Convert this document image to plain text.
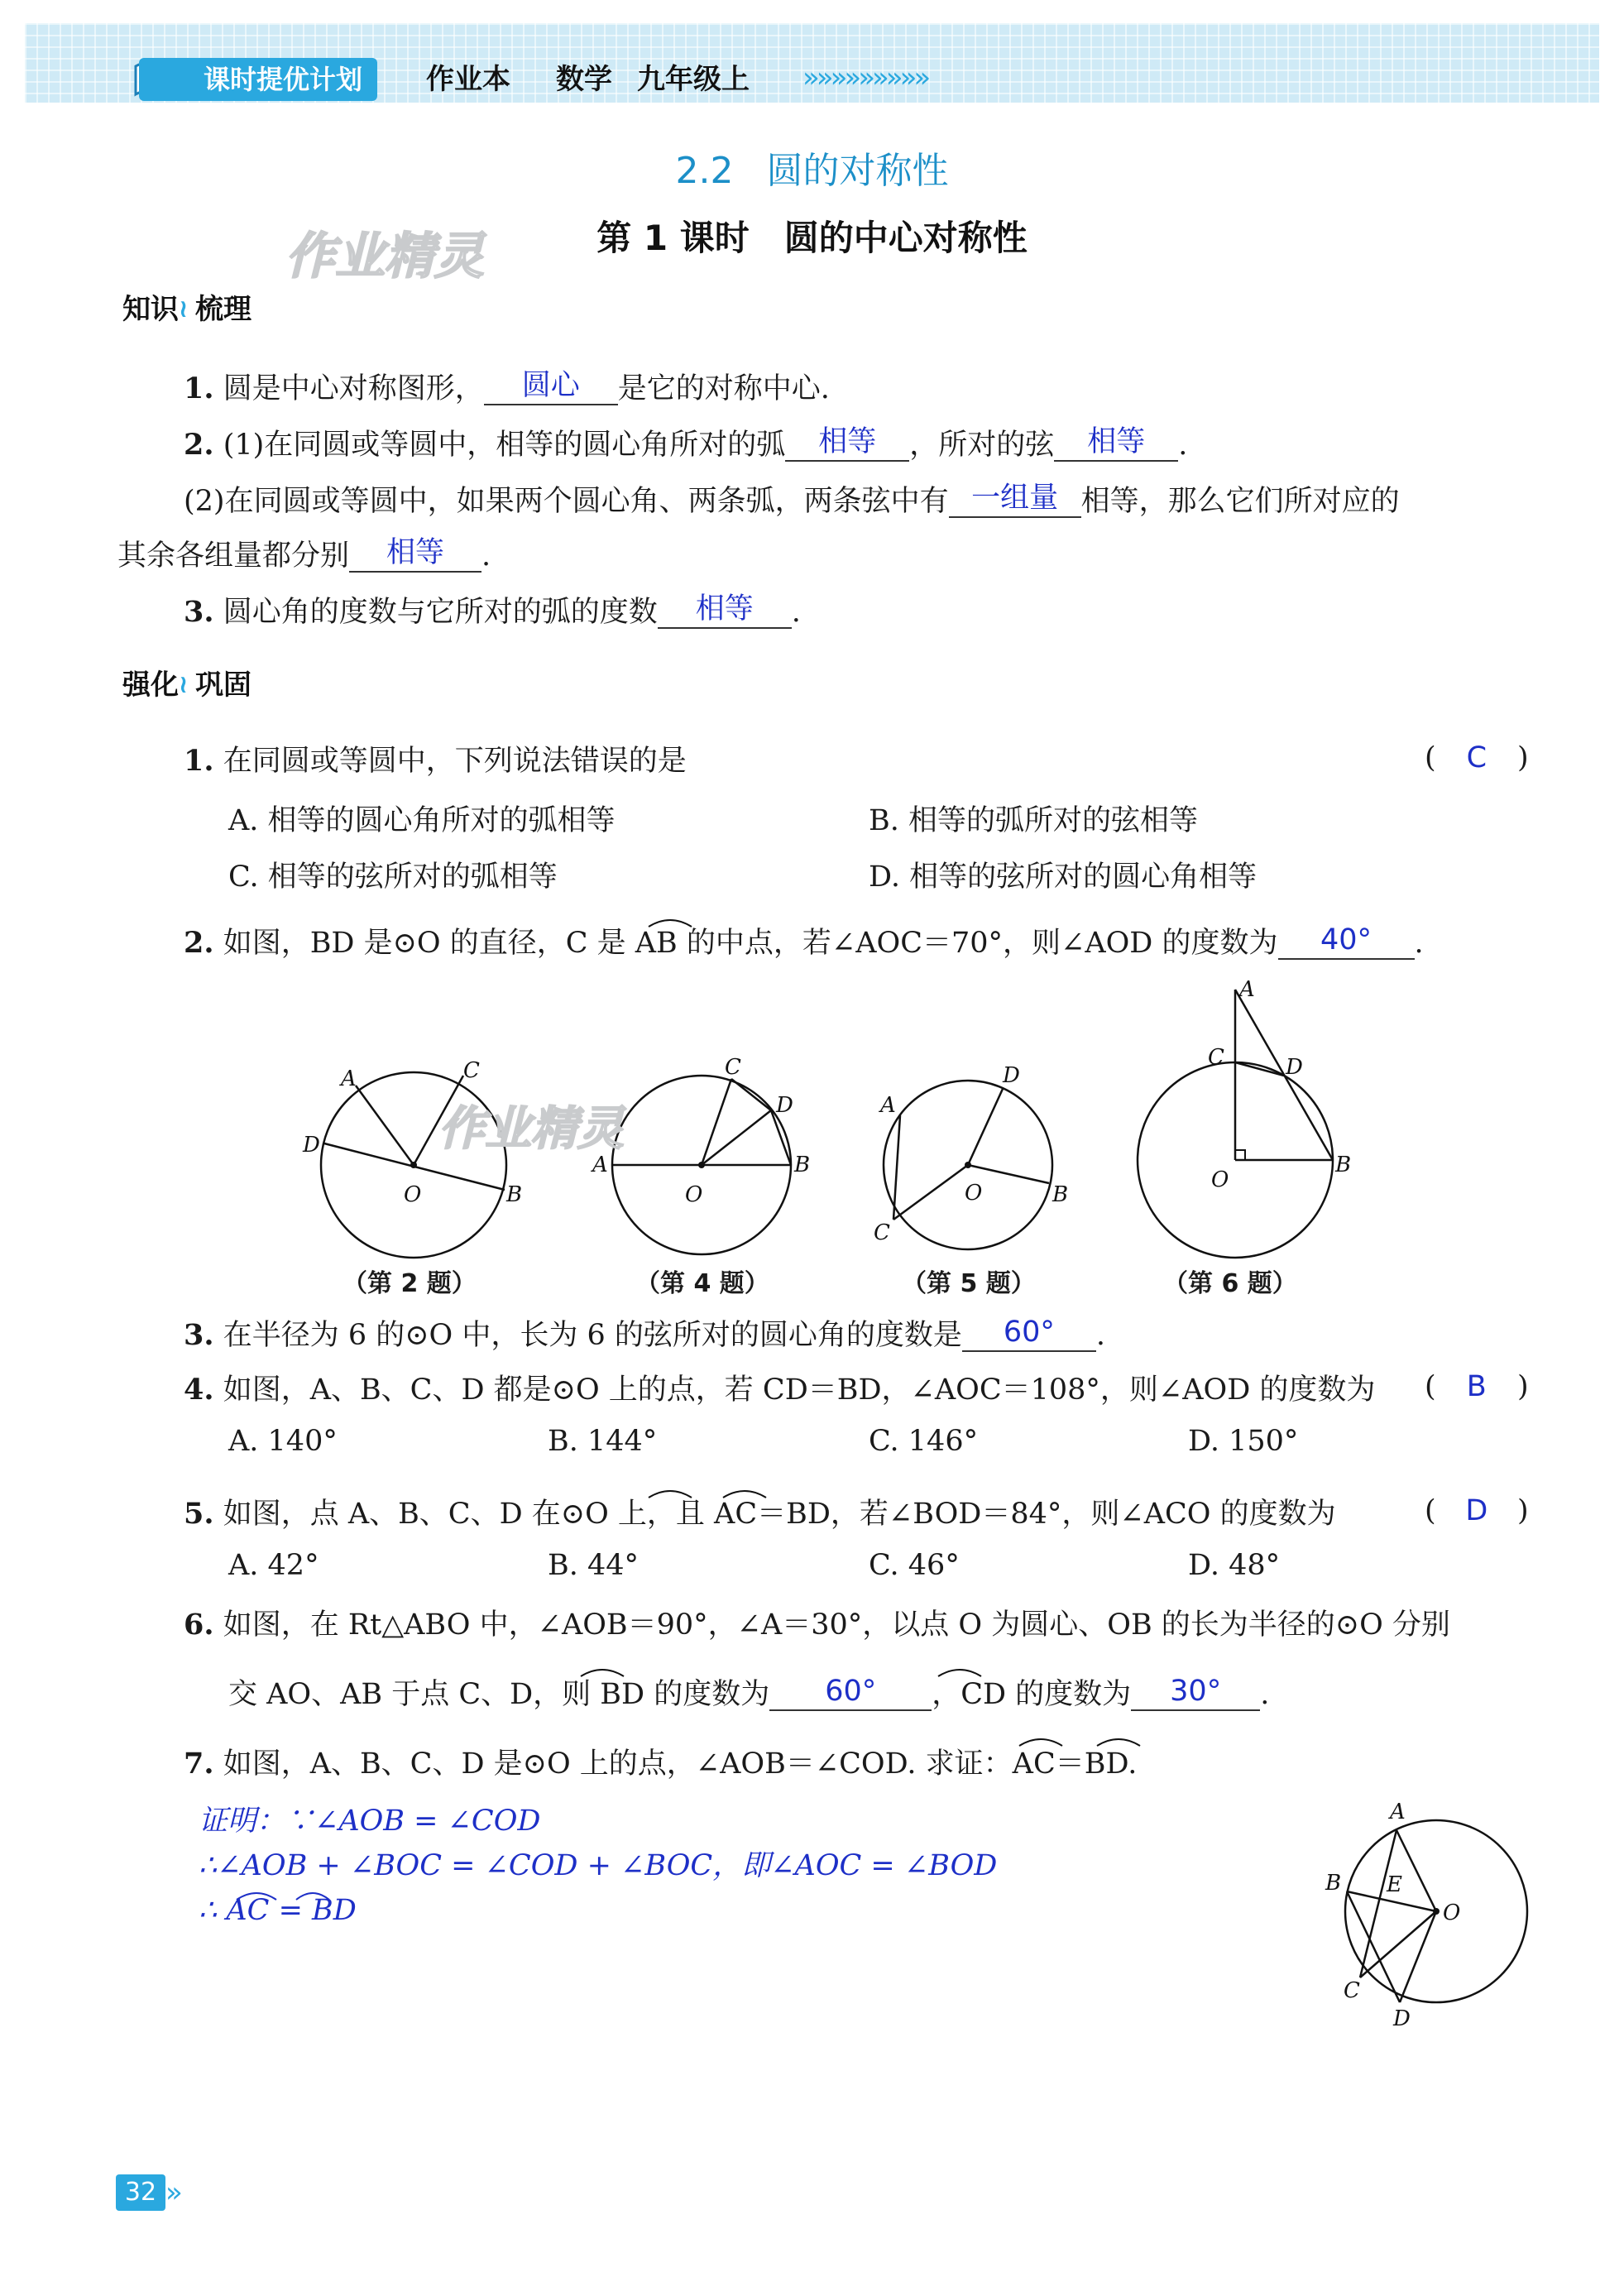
课时提优计划	作业本 数学 九年级上 »»»»»»»»»
2.2 圆的对称性
第 1 课时　圆的中心对称性
作业精灵
知识≀ 梳理
1. 圆是中心对称图形， 圆心 是它的对称中心.
2. (1)在同圆或等圆中，相等的圆心角所对的弧 相等 ，所对的弦 相等 .
(2)在同圆或等圆中，如果两个圆心角、两条弧，两条弦中有 一组量 相等，那么它们所对应的
其余各组量都分别 相等 .
3. 圆心角的度数与它所对的弧的度数 相等 .
强化≀ 巩固
1. 在同圆或等圆中，下列说法错误的是	( C )
A. 相等的圆心角所对的弧相等	B. 相等的弧所对的弦相等
C. 相等的弦所对的弧相等	D. 相等的弦所对的圆心角相等
2. 如图，BD 是⊙O 的直径，C 是 AB 的中点，若∠AOC＝70°，则∠AOD 的度数为 40° .
A	C
D
O	B
C
D
A
O
B
D
A
O	B
C
A
C	D
O
B
作业精灵
（第 2 题）	（第 4 题）	（第 5 题）	（第 6 题）
3. 在半径为 6 的⊙O 中，长为 6 的弦所对的圆心角的度数是 60° .
4. 如图，A、B、C、D 都是⊙O 上的点，若 CD＝BD，∠AOC＝108°，则∠AOD 的度数为 ( B )
A. 140°	B. 144°	C. 146°	D. 150°
5. 如图，点 A、B、C、D 在⊙O 上，且 AC＝BD，若∠BOD＝84°，则∠ACO 的度数为	( D )
A. 42°	B. 44°	C. 46°	D. 48°
6. 如图，在 Rt△ABO 中，∠AOB＝90°，∠A＝30°，以点 O 为圆心、OB 的长为半径的⊙O 分别
交 AO、AB 于点 C、D，则 BD 的度数为 60° ，CD 的度数为 30° .
7. 如图，A、B、C、D 是⊙O 上的点，∠AOB＝∠COD. 求证：AC＝BD.
证明：∵∠AOB = ∠COD
∴∠AOB + ∠BOC = ∠COD + ∠BOC，即∠AOC = ∠BOD
∴ AC = BD
A
B E
O
C
D
32 »
